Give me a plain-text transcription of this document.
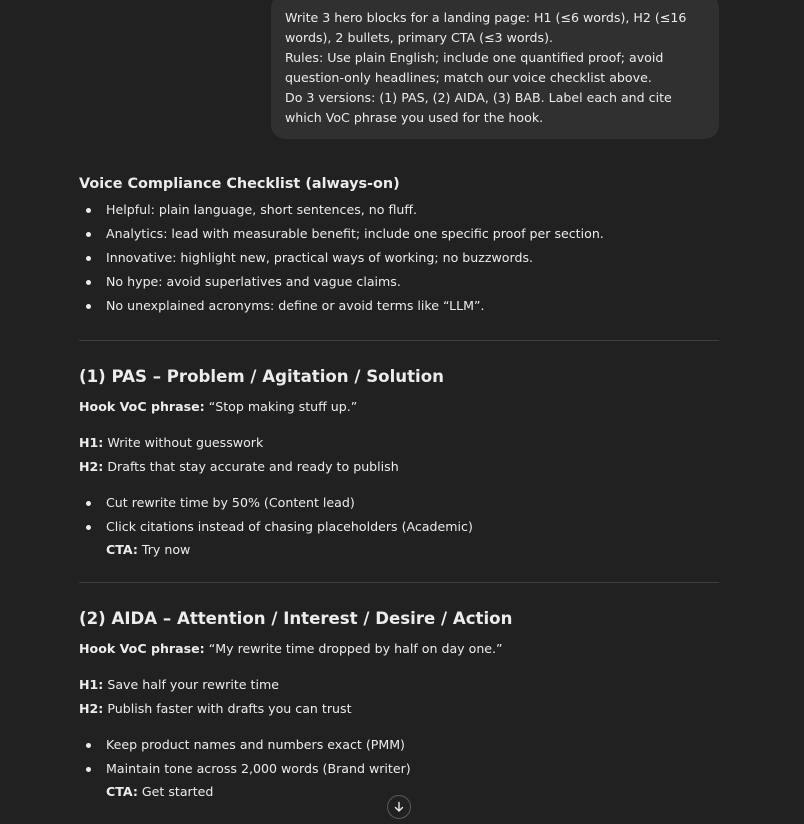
Write 3 hero blocks for a landing page: H1 (≤6 words), H2 (≤16 words), 2 bullets, primary CTA (≤3 words).

Rules: Use plain English; include one quantified proof; avoid question-only headlines; match our voice checklist above.

Do 3 versions: (1) PAS, (2) AIDA, (3) BAB. Label each and cite which VoC phrase you used for the hook.

Voice Compliance Checklist (always-on)
Helpful: plain language, short sentences, no fluff.
Analytics: lead with measurable benefit; include one specific proof per section.
Innovative: highlight new, practical ways of working; no buzzwords.
No hype: avoid superlatives and vague claims.
No unexplained acronyms: define or avoid terms like “LLM”.
(1) PAS – Problem / Agitation / Solution

Hook VoC phrase: “Stop making stuff up.”

H1: Write without guesswork

H2: Drafts that stay accurate and ready to publish

Cut rewrite time by 50% (Content lead)
Click citations instead of chasing placeholders (Academic)
CTA: Try now
(2) AIDA – Attention / Interest / Desire / Action

Hook VoC phrase: “My rewrite time dropped by half on day one.”

H1: Save half your rewrite time

H2: Publish faster with drafts you can trust

Keep product names and numbers exact (PMM)
Maintain tone across 2,000 words (Brand writer)
CTA: Get started
